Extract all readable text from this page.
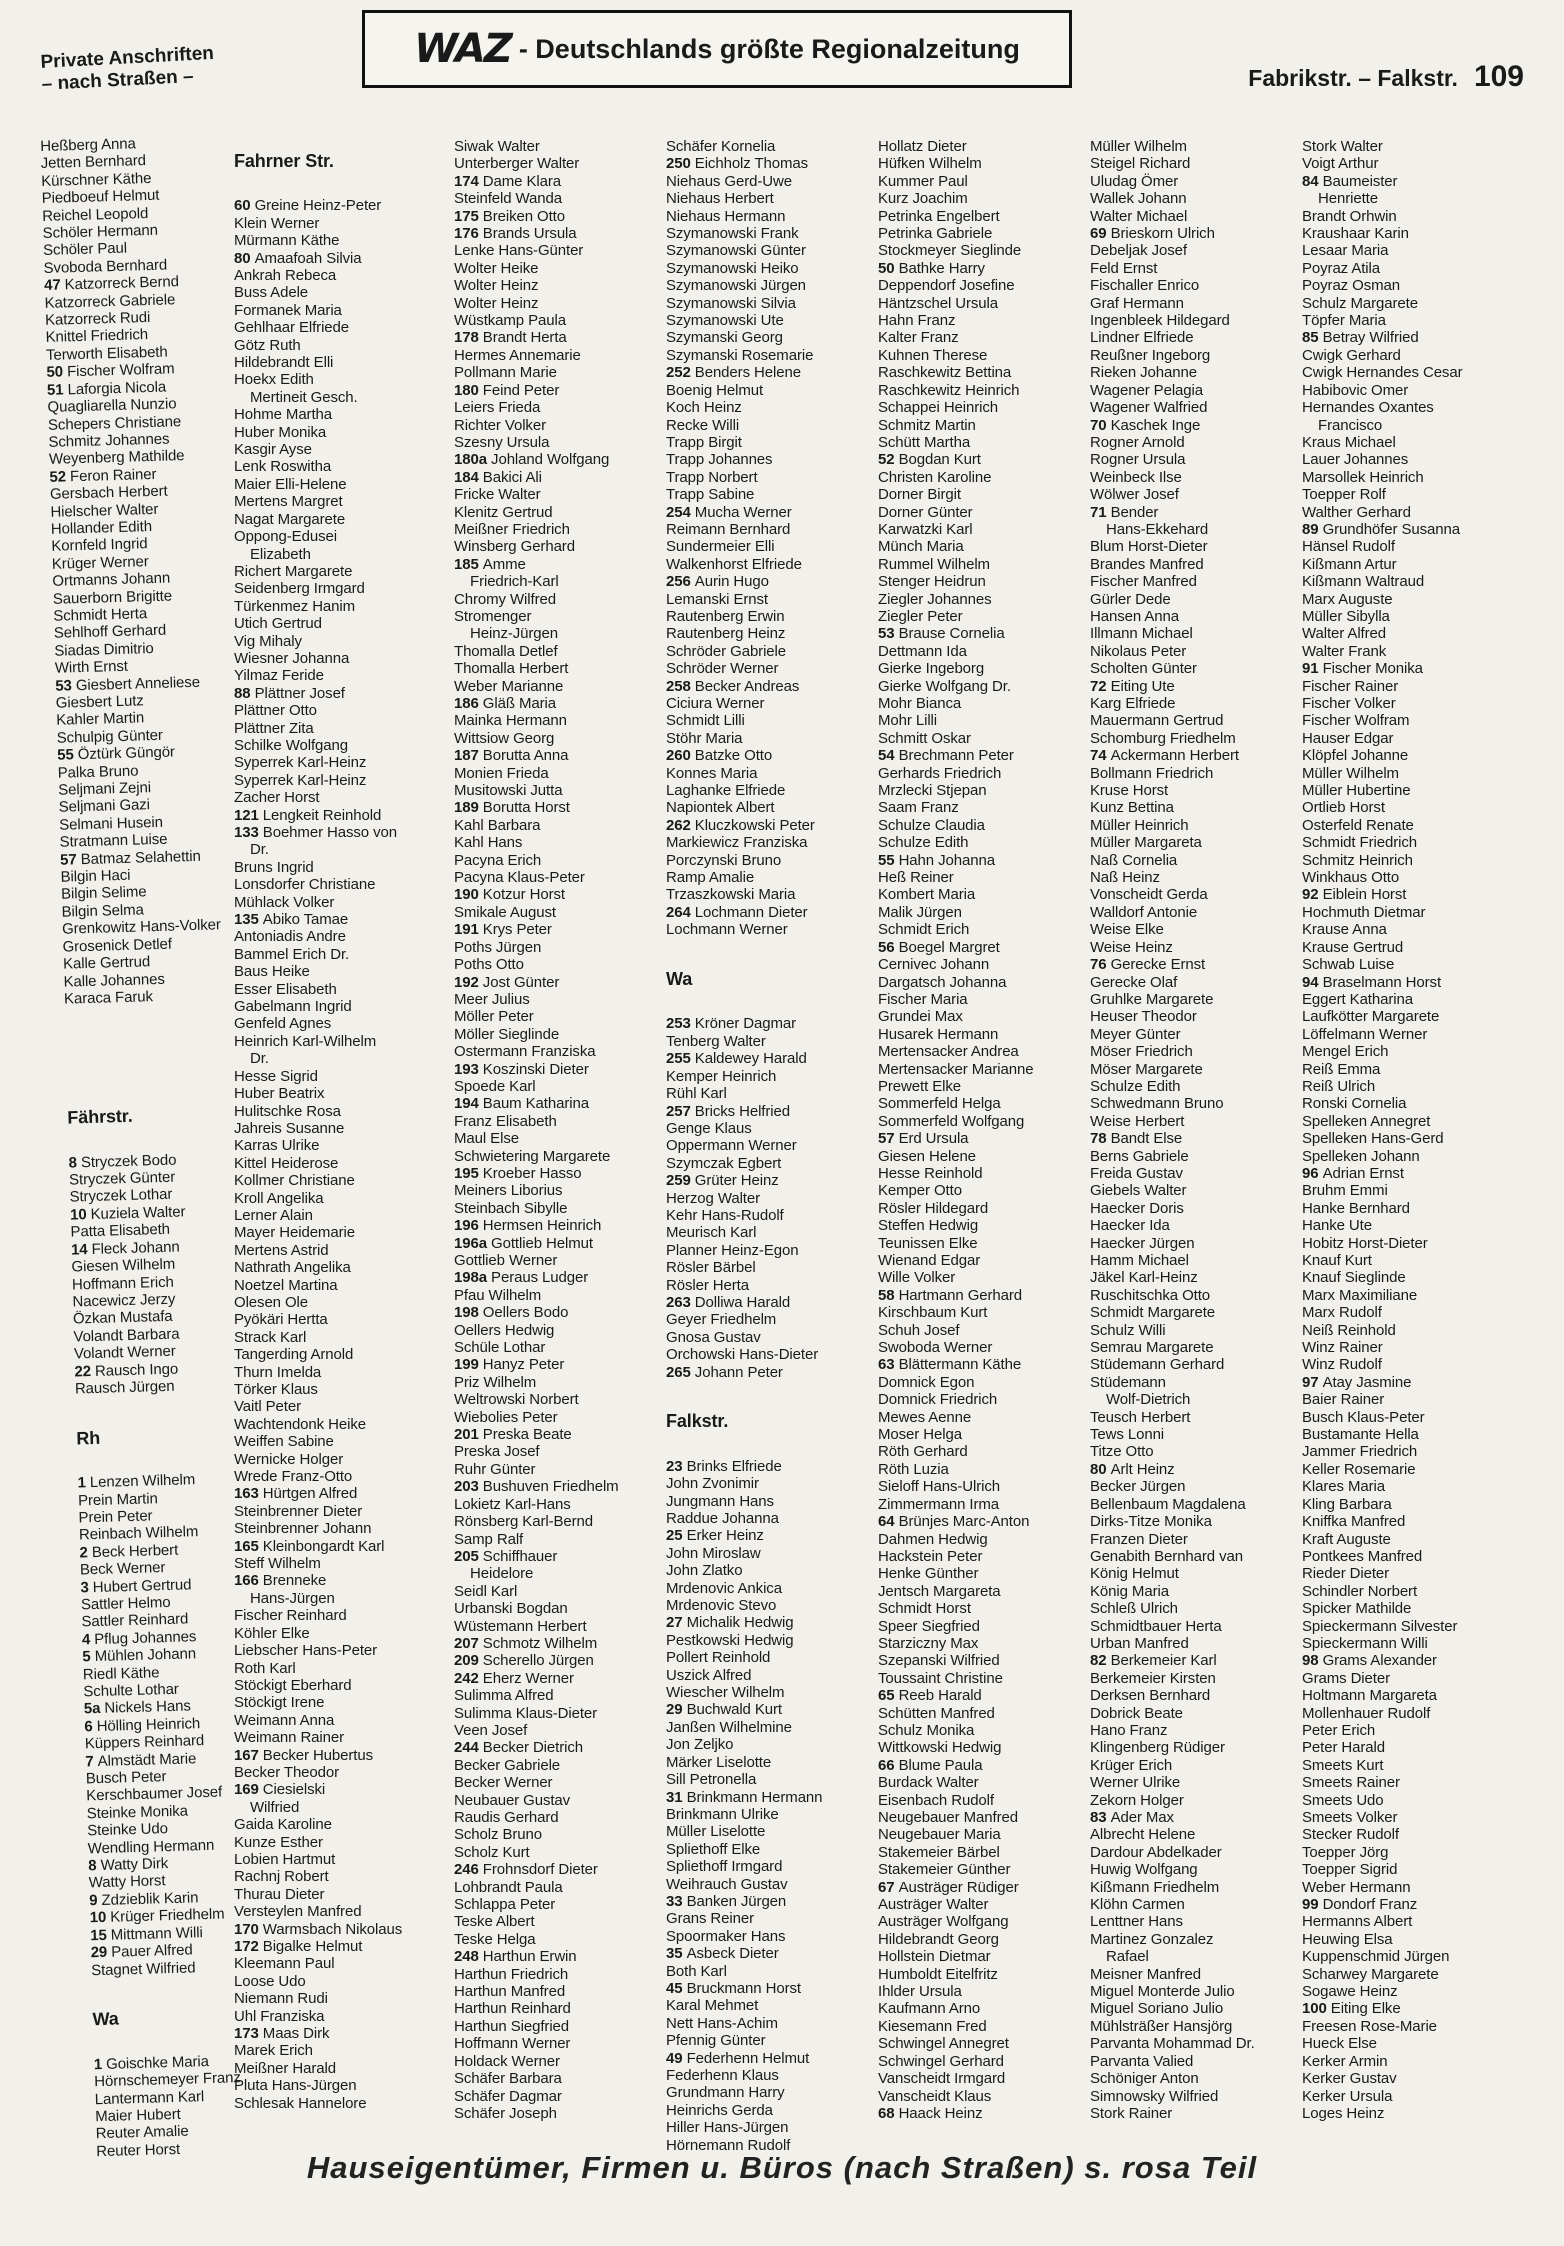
Private Anschriften
– nach Straßen –
WAZ - Deutschlands größte Regionalzeitung
Fabrikstr. – Falkstr. 109
Heßberg Anna
Jetten Bernhard
Kürschner Käthe
Piedboeuf Helmut
Reichel Leopold
Schöler Hermann
Schöler Paul
Svoboda Bernhard
47 Katzorreck Bernd
Katzorreck Gabriele
Katzorreck Rudi
Knittel Friedrich
Terworth Elisabeth
50 Fischer Wolfram
51 Laforgia Nicola
Quagliarella Nunzio
Schepers Christiane
Schmitz Johannes
Weyenberg Mathilde
52 Feron Rainer
Gersbach Herbert
Hielscher Walter
Hollander Edith
Kornfeld Ingrid
Krüger Werner
Ortmanns Johann
Sauerborn Brigitte
Schmidt Herta
Sehlhoff Gerhard
Siadas Dimitrio
Wirth Ernst
53 Giesbert Anneliese
Giesbert Lutz
Kahler Martin
Schulpig Günter
55 Öztürk Güngör
Palka Bruno
Seljmani Zejni
Seljmani Gazi
Selmani Husein
Stratmann Luise
57 Batmaz Selahettin
Bilgin Haci
Bilgin Selime
Bilgin Selma
Grenkowitz Hans-Volker
Grosenick Detlef
Kalle Gertrud
Kalle Johannes
Karaca Faruk
Fährstr.
8 Stryczek Bodo
Stryczek Günter
Stryczek Lothar
10 Kuziela Walter
Patta Elisabeth
14 Fleck Johann
Giesen Wilhelm
Hoffmann Erich
Nacewicz Jerzy
Özkan Mustafa
Volandt Barbara
Volandt Werner
22 Rausch Ingo
Rausch Jürgen
Rh
1 Lenzen Wilhelm
Prein Martin
Prein Peter
Reinbach Wilhelm
2 Beck Herbert
Beck Werner
3 Hubert Gertrud
Sattler Helmo
Sattler Reinhard
4 Pflug Johannes
5 Mühlen Johann
Riedl Käthe
Schulte Lothar
5a Nickels Hans
6 Hölling Heinrich
Küppers Reinhard
7 Almstädt Marie
Busch Peter
Kerschbaumer Josef
Steinke Monika
Steinke Udo
Wendling Hermann
8 Watty Dirk
Watty Horst
9 Zdzieblik Karin
10 Krüger Friedhelm
15 Mittmann Willi
29 Pauer Alfred
Stagnet Wilfried
Wa
1 Goischke Maria
Hörnschemeyer Franz
Lantermann Karl
Maier Hubert
Reuter Amalie
Reuter Horst
Fahrner Str.
60 Greine Heinz-Peter
Klein Werner
Mürmann Käthe
80 Amaafoah Silvia
Ankrah Rebeca
Buss Adele
Formanek Maria
Gehlhaar Elfriede
Götz Ruth
Hildebrandt Elli
Hoekx Edith
Mertineit Gesch.
Hohme Martha
Huber Monika
Kasgir Ayse
Lenk Roswitha
Maier Elli-Helene
Mertens Margret
Nagat Margarete
Oppong-Edusei
Elizabeth
Richert Margarete
Seidenberg Irmgard
Türkenmez Hanim
Utich Gertrud
Vig Mihaly
Wiesner Johanna
Yilmaz Feride
88 Plättner Josef
Plättner Otto
Plättner Zita
Schilke Wolfgang
Syperrek Karl-Heinz
Syperrek Karl-Heinz
Zacher Horst
121 Lengkeit Reinhold
133 Boehmer Hasso von
Dr.
Bruns Ingrid
Lonsdorfer Christiane
Mühlack Volker
135 Abiko Tamae
Antoniadis Andre
Bammel Erich Dr.
Baus Heike
Esser Elisabeth
Gabelmann Ingrid
Genfeld Agnes
Heinrich Karl-Wilhelm
Dr.
Hesse Sigrid
Huber Beatrix
Hulitschke Rosa
Jahreis Susanne
Karras Ulrike
Kittel Heiderose
Kollmer Christiane
Kroll Angelika
Lerner Alain
Mayer Heidemarie
Mertens Astrid
Nathrath Angelika
Noetzel Martina
Olesen Ole
Pyökäri Hertta
Strack Karl
Tangerding Arnold
Thurn Imelda
Törker Klaus
Vaitl Peter
Wachtendonk Heike
Weiffen Sabine
Wernicke Holger
Wrede Franz-Otto
163 Hürtgen Alfred
Steinbrenner Dieter
Steinbrenner Johann
165 Kleinbongardt Karl
Steff Wilhelm
166 Brenneke
Hans-Jürgen
Fischer Reinhard
Köhler Elke
Liebscher Hans-Peter
Roth Karl
Stöckigt Eberhard
Stöckigt Irene
Weimann Anna
Weimann Rainer
167 Becker Hubertus
Becker Theodor
169 Ciesielski
Wilfried
Gaida Karoline
Kunze Esther
Lobien Hartmut
Rachnj Robert
Thurau Dieter
Versteylen Manfred
170 Warmsbach Nikolaus
172 Bigalke Helmut
Kleemann Paul
Loose Udo
Niemann Rudi
Uhl Franziska
173 Maas Dirk
Marek Erich
Meißner Harald
Pluta Hans-Jürgen
Schlesak Hannelore
Siwak Walter
Unterberger Walter
174 Dame Klara
Steinfeld Wanda
175 Breiken Otto
176 Brands Ursula
Lenke Hans-Günter
Wolter Heike
Wolter Heinz
Wolter Heinz
Wüstkamp Paula
178 Brandt Herta
Hermes Annemarie
Pollmann Marie
180 Feind Peter
Leiers Frieda
Richter Volker
Szesny Ursula
180a Johland Wolfgang
184 Bakici Ali
Fricke Walter
Klenitz Gertrud
Meißner Friedrich
Winsberg Gerhard
185 Amme
Friedrich-Karl
Chromy Wilfred
Stromenger
Heinz-Jürgen
Thomalla Detlef
Thomalla Herbert
Weber Marianne
186 Gläß Maria
Mainka Hermann
Wittsiow Georg
187 Borutta Anna
Monien Frieda
Musitowski Jutta
189 Borutta Horst
Kahl Barbara
Kahl Hans
Pacyna Erich
Pacyna Klaus-Peter
190 Kotzur Horst
Smikale August
191 Krys Peter
Poths Jürgen
Poths Otto
192 Jost Günter
Meer Julius
Möller Peter
Möller Sieglinde
Ostermann Franziska
193 Koszinski Dieter
Spoede Karl
194 Baum Katharina
Franz Elisabeth
Maul Else
Schwietering Margarete
195 Kroeber Hasso
Meiners Liborius
Steinbach Sibylle
196 Hermsen Heinrich
196a Gottlieb Helmut
Gottlieb Werner
198a Peraus Ludger
Pfau Wilhelm
198 Oellers Bodo
Oellers Hedwig
Schüle Lothar
199 Hanyz Peter
Priz Wilhelm
Weltrowski Norbert
Wiebolies Peter
201 Preska Beate
Preska Josef
Ruhr Günter
203 Bushuven Friedhelm
Lokietz Karl-Hans
Rönsberg Karl-Bernd
Samp Ralf
205 Schiffhauer
Heidelore
Seidl Karl
Urbanski Bogdan
Wüstemann Herbert
207 Schmotz Wilhelm
209 Scherello Jürgen
242 Eherz Werner
Sulimma Alfred
Sulimma Klaus-Dieter
Veen Josef
244 Becker Dietrich
Becker Gabriele
Becker Werner
Neubauer Gustav
Raudis Gerhard
Scholz Bruno
Scholz Kurt
246 Frohnsdorf Dieter
Lohbrandt Paula
Schlappa Peter
Teske Albert
Teske Helga
248 Harthun Erwin
Harthun Friedrich
Harthun Manfred
Harthun Reinhard
Harthun Siegfried
Hoffmann Werner
Holdack Werner
Schäfer Barbara
Schäfer Dagmar
Schäfer Joseph
Schäfer Kornelia
250 Eichholz Thomas
Niehaus Gerd-Uwe
Niehaus Herbert
Niehaus Hermann
Szymanowski Frank
Szymanowski Günter
Szymanowski Heiko
Szymanowski Jürgen
Szymanowski Silvia
Szymanowski Ute
Szymanski Georg
Szymanski Rosemarie
252 Benders Helene
Boenig Helmut
Koch Heinz
Recke Willi
Trapp Birgit
Trapp Johannes
Trapp Norbert
Trapp Sabine
254 Mucha Werner
Reimann Bernhard
Sundermeier Elli
Walkenhorst Elfriede
256 Aurin Hugo
Lemanski Ernst
Rautenberg Erwin
Rautenberg Heinz
Schröder Gabriele
Schröder Werner
258 Becker Andreas
Ciciura Werner
Schmidt Lilli
Stöhr Maria
260 Batzke Otto
Konnes Maria
Laghanke Elfriede
Napiontek Albert
262 Kluczkowski Peter
Markiewicz Franziska
Porczynski Bruno
Ramp Amalie
Trzaszkowski Maria
264 Lochmann Dieter
Lochmann Werner
Wa
253 Kröner Dagmar
Tenberg Walter
255 Kaldewey Harald
Kemper Heinrich
Rühl Karl
257 Bricks Helfried
Genge Klaus
Oppermann Werner
Szymczak Egbert
259 Grüter Heinz
Herzog Walter
Kehr Hans-Rudolf
Meurisch Karl
Planner Heinz-Egon
Rösler Bärbel
Rösler Herta
263 Dolliwa Harald
Geyer Friedhelm
Gnosa Gustav
Orchowski Hans-Dieter
265 Johann Peter
Falkstr.
23 Brinks Elfriede
John Zvonimir
Jungmann Hans
Raddue Johanna
25 Erker Heinz
John Miroslaw
John Zlatko
Mrdenovic Ankica
Mrdenovic Stevo
27 Michalik Hedwig
Pestkowski Hedwig
Pollert Reinhold
Uszick Alfred
Wiescher Wilhelm
29 Buchwald Kurt
Janßen Wilhelmine
Jon Zeljko
Märker Liselotte
Sill Petronella
31 Brinkmann Hermann
Brinkmann Ulrike
Müller Liselotte
Spliethoff Elke
Spliethoff Irmgard
Weihrauch Gustav
33 Banken Jürgen
Grans Reiner
Spoormaker Hans
35 Asbeck Dieter
Both Karl
45 Bruckmann Horst
Karal Mehmet
Nett Hans-Achim
Pfennig Günter
49 Federhenn Helmut
Federhenn Klaus
Grundmann Harry
Heinrichs Gerda
Hiller Hans-Jürgen
Hörnemann Rudolf
Hollatz Dieter
Hüfken Wilhelm
Kummer Paul
Kurz Joachim
Petrinka Engelbert
Petrinka Gabriele
Stockmeyer Sieglinde
50 Bathke Harry
Deppendorf Josefine
Häntzschel Ursula
Hahn Franz
Kalter Franz
Kuhnen Therese
Raschkewitz Bettina
Raschkewitz Heinrich
Schappei Heinrich
Schmitz Martin
Schütt Martha
52 Bogdan Kurt
Christen Karoline
Dorner Birgit
Dorner Günter
Karwatzki Karl
Münch Maria
Rummel Wilhelm
Stenger Heidrun
Ziegler Johannes
Ziegler Peter
53 Brause Cornelia
Dettmann Ida
Gierke Ingeborg
Gierke Wolfgang Dr.
Mohr Bianca
Mohr Lilli
Schmitt Oskar
54 Brechmann Peter
Gerhards Friedrich
Mrzlecki Stjepan
Saam Franz
Schulze Claudia
Schulze Edith
55 Hahn Johanna
Heß Reiner
Kombert Maria
Malik Jürgen
Schmidt Erich
56 Boegel Margret
Cernivec Johann
Dargatsch Johanna
Fischer Maria
Grundei Max
Husarek Hermann
Mertensacker Andrea
Mertensacker Marianne
Prewett Elke
Sommerfeld Helga
Sommerfeld Wolfgang
57 Erd Ursula
Giesen Helene
Hesse Reinhold
Kemper Otto
Rösler Hildegard
Steffen Hedwig
Teunissen Elke
Wienand Edgar
Wille Volker
58 Hartmann Gerhard
Kirschbaum Kurt
Schuh Josef
Swoboda Werner
63 Blättermann Käthe
Domnick Egon
Domnick Friedrich
Mewes Aenne
Moser Helga
Röth Gerhard
Röth Luzia
Sieloff Hans-Ulrich
Zimmermann Irma
64 Brünjes Marc-Anton
Dahmen Hedwig
Hackstein Peter
Henke Günther
Jentsch Margareta
Schmidt Horst
Speer Siegfried
Starziczny Max
Szepanski Wilfried
Toussaint Christine
65 Reeb Harald
Schütten Manfred
Schulz Monika
Wittkowski Hedwig
66 Blume Paula
Burdack Walter
Eisenbach Rudolf
Neugebauer Manfred
Neugebauer Maria
Stakemeier Bärbel
Stakemeier Günther
67 Austräger Rüdiger
Austräger Walter
Austräger Wolfgang
Hildebrandt Georg
Hollstein Dietmar
Humboldt Eitelfritz
Ihlder Ursula
Kaufmann Arno
Kiesemann Fred
Schwingel Annegret
Schwingel Gerhard
Vanscheidt Irmgard
Vanscheidt Klaus
68 Haack Heinz
Müller Wilhelm
Steigel Richard
Uludag Ömer
Wallek Johann
Walter Michael
69 Brieskorn Ulrich
Debeljak Josef
Feld Ernst
Fischaller Enrico
Graf Hermann
Ingenbleek Hildegard
Lindner Elfriede
Reußner Ingeborg
Rieken Johanne
Wagener Pelagia
Wagener Walfried
70 Kaschek Inge
Rogner Arnold
Rogner Ursula
Weinbeck Ilse
Wölwer Josef
71 Bender
Hans-Ekkehard
Blum Horst-Dieter
Brandes Manfred
Fischer Manfred
Gürler Dede
Hansen Anna
Illmann Michael
Nikolaus Peter
Scholten Günter
72 Eiting Ute
Karg Elfriede
Mauermann Gertrud
Schomburg Friedhelm
74 Ackermann Herbert
Bollmann Friedrich
Kruse Horst
Kunz Bettina
Müller Heinrich
Müller Margareta
Naß Cornelia
Naß Heinz
Vonscheidt Gerda
Walldorf Antonie
Weise Elke
Weise Heinz
76 Gerecke Ernst
Gerecke Olaf
Gruhlke Margarete
Heuser Theodor
Meyer Günter
Möser Friedrich
Möser Margarete
Schulze Edith
Schwedmann Bruno
Weise Herbert
78 Bandt Else
Berns Gabriele
Freida Gustav
Giebels Walter
Haecker Doris
Haecker Ida
Haecker Jürgen
Hamm Michael
Jäkel Karl-Heinz
Ruschitschka Otto
Schmidt Margarete
Schulz Willi
Semrau Margarete
Stüdemann Gerhard
Stüdemann
Wolf-Dietrich
Teusch Herbert
Tews Lonni
Titze Otto
80 Arlt Heinz
Becker Jürgen
Bellenbaum Magdalena
Dirks-Titze Monika
Franzen Dieter
Genabith Bernhard van
König Helmut
König Maria
Schleß Ulrich
Schmidtbauer Herta
Urban Manfred
82 Berkemeier Karl
Berkemeier Kirsten
Derksen Bernhard
Dobrick Beate
Hano Franz
Klingenberg Rüdiger
Krüger Erich
Werner Ulrike
Zekorn Holger
83 Ader Max
Albrecht Helene
Dardour Abdelkader
Huwig Wolfgang
Kißmann Friedhelm
Klöhn Carmen
Lenttner Hans
Martinez Gonzalez
Rafael
Meisner Manfred
Miguel Monterde Julio
Miguel Soriano Julio
Mühlsträßer Hansjörg
Parvanta Mohammad Dr.
Parvanta Valied
Schöniger Anton
Simnowsky Wilfried
Stork Rainer
Stork Walter
Voigt Arthur
84 Baumeister
Henriette
Brandt Orhwin
Kraushaar Karin
Lesaar Maria
Poyraz Atila
Poyraz Osman
Schulz Margarete
Töpfer Maria
85 Betray Wilfried
Cwigk Gerhard
Cwigk Hernandes Cesar
Habibovic Omer
Hernandes Oxantes
Francisco
Kraus Michael
Lauer Johannes
Marsollek Heinrich
Toepper Rolf
Walther Gerhard
89 Grundhöfer Susanna
Hänsel Rudolf
Kißmann Artur
Kißmann Waltraud
Marx Auguste
Müller Sibylla
Walter Alfred
Walter Frank
91 Fischer Monika
Fischer Rainer
Fischer Volker
Fischer Wolfram
Hauser Edgar
Klöpfel Johanne
Müller Wilhelm
Müller Hubertine
Ortlieb Horst
Osterfeld Renate
Schmidt Friedrich
Schmitz Heinrich
Winkhaus Otto
92 Eiblein Horst
Hochmuth Dietmar
Krause Anna
Krause Gertrud
Schwab Luise
94 Braselmann Horst
Eggert Katharina
Laufkötter Margarete
Löffelmann Werner
Mengel Erich
Reiß Emma
Reiß Ulrich
Ronski Cornelia
Spelleken Annegret
Spelleken Hans-Gerd
Spelleken Johann
96 Adrian Ernst
Bruhm Emmi
Hanke Bernhard
Hanke Ute
Hobitz Horst-Dieter
Knauf Kurt
Knauf Sieglinde
Marx Maximiliane
Marx Rudolf
Neiß Reinhold
Winz Rainer
Winz Rudolf
97 Atay Jasmine
Baier Rainer
Busch Klaus-Peter
Bustamante Hella
Jammer Friedrich
Keller Rosemarie
Klares Maria
Kling Barbara
Kniffka Manfred
Kraft Auguste
Pontkees Manfred
Rieder Dieter
Schindler Norbert
Spicker Mathilde
Spieckermann Silvester
Spieckermann Willi
98 Grams Alexander
Grams Dieter
Holtmann Margareta
Mollenhauer Rudolf
Peter Erich
Peter Harald
Smeets Kurt
Smeets Rainer
Smeets Udo
Smeets Volker
Stecker Rudolf
Toepper Jörg
Toepper Sigrid
Weber Hermann
99 Dondorf Franz
Hermanns Albert
Heuwing Elsa
Kuppenschmid Jürgen
Scharwey Margarete
Sogawe Heinz
100 Eiting Elke
Freesen Rose-Marie
Hueck Else
Kerker Armin
Kerker Gustav
Kerker Ursula
Loges Heinz
Hauseigentümer, Firmen u. Büros (nach Straßen) s. rosa Teil
